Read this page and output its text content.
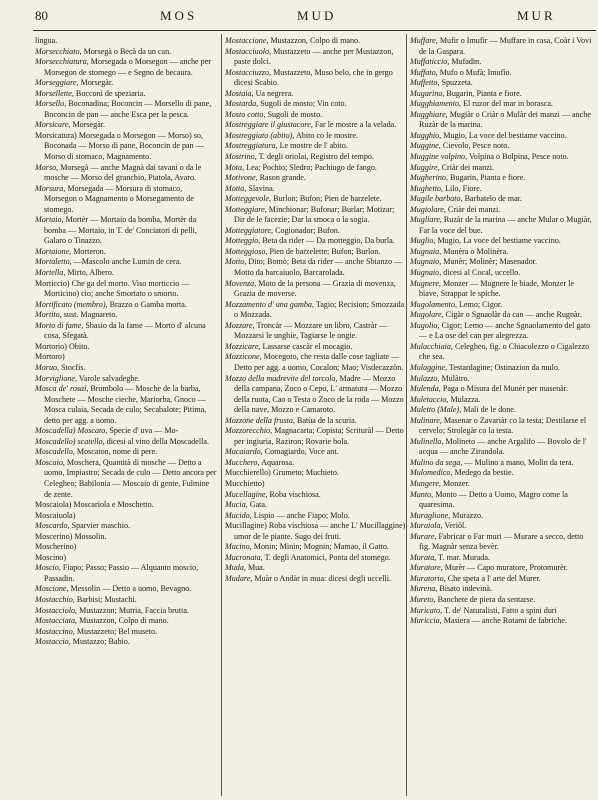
80	MOS	MUD	MUR
lingua.
Morsecchiato, Morsegà o Becà da un can.
Morsecchiatura, Morsegada o Morsegon — anche per Morsegon de stomego — e Segno de becaura.
Morseggiare, Morsegàr.
Morsellette, Bocconi de speziaria.
Morsello, Boconadina; Boconcin — Morsello di pane, Boconcin de pan — anche Esca per la pesca.
Morsicare, Morsegàr.
Morsicatura) Morsegada o Morsegon — Morso) so, Boconada — Morso di pane, Boconcin de pan — Morso di stomaco, Magnamento.
Morso, Morsegà — anche Magnà dai tavani o da le mosche — Morso del granchio, Piatola, Avaro.
Morsura, Morsegada — Morsura di stomaco, Morsegon o Magnamento o Morsegamento de stomego.
Mortaio, Mortèr — Mortaio da bomba, Mortèr da bomba — Mortaio, in T. de' Conciatori di pelli, Galaro o Tinazzo.
Mortaione, Morteron.
Mortaletto, —Mascolo anche Lumin de cera.
Mortella, Mirto, Albero.
Morticcio) Che ga del morto. Viso morticcio — Morticino) cio; anche Smortato o smorto.
Mortificato (membro), Brazzo o Gamba morta.
Mortito, sust. Magnareto.
Morto di fame, Sbasio da la fame — Morto d' alcuna cosa, Sfegatà.
Mortorio) Obito.
Mortoro)
Moruo, Stocfis.
Morviglione, Varole salvadeghe.
Mosca de' rosai, Brombolo — Mosche de la barba, Moschete — Mosche cieche, Mariorba, Gnoco — Mosca culaia, Secada de culo; Secabalote; Pitima, detto per agg. a uomo.
Moscadella) Moscato, Specie d' uva — Mo-
Moscadello) scatello, dicesi al vino della Moscadella.
Moscadello, Moscaton, nome di pere.
Moscaio, Moschera, Quantità di mosche — Detto a uomo, Impiastro; Secada de culo — Detto ancora per Celegheo; Babilonia — Moscaio di gente, Fulmine de zente.
Moscaiola) Moscariola e Moschetto.
Moscaiuola)
Moscardo, Sparvier maschio.
Moscerino) Mossolin.
Moscherino)
Moscino)
Moscio, Fiapo; Passo; Passio — Alquanto moscio, Passadin.
Moscione, Messolin — Detto a uomo, Bevagno.
Mostacchio, Barbisi; Mustachi.
Mostacciolo, Mustazzon; Mutria, Faccia brutta.
Mostacciata, Mustazzon, Colpo di mano.
Mostaccino, Mustazzeto; Bel museto.
Mostaccio, Mustazzo; Babio.
Mostaccione, Mustazzon, Colpo di mano.
Mostacciuolo, Mustazzeto — anche per Mustazzon, paste dolci.
Mostacciuzzo, Mustazzeto, Muso belo, che in gergo dicesi Scabio.
Mostaia, Ua negrera.
Mostarda, Sugoli de mosto; Vin coto.
Mosto cotto, Sugoli de mosto.
Mostreggiare il giustacore, Far le mostre a la velada.
Mostreggiato (abito), Abito co le mostre.
Mostreggiatura, Le mostre de l' abito.
Mostrino, T. degli oriolai, Registro del tempo.
Mota, Lea; Pochio; Sledro; Pachiugo de fango.
Motivone, Rason grande.
Motta, Slavina.
Motteggevole, Burlon; Bufon; Pien de barzelete.
Motteggiare, Minchionar; Bufonar; Burlar; Motizar; Dir de le facezie; Dar la smoca o la sogia.
Motteggiatore, Cogionador; Bufon.
Motteggio, Beta da rider — Da motteggio, Da burla.
Motteggioso, Pien de barzelette; Bufon; Burlon.
Motto, Dito; Bomò; Beta da rider — anche Sbianzo — Motto da barcaiuolo, Barcarolada.
Movenza, Moto de la persona — Grazia di movenza, Grazia de moverse.
Mozzamento d' una gamba, Tagio; Recision; Smozzada o Mozzada.
Mozzare, Troncàr — Mozzare un libro, Castràr — Mozzarsi le unghie, Tagiarse le ongie.
Mozzicare, Lassarse cascàr el mocagio.
Mozzicone, Mocegoto, che resta dalle cose tagliate — Detto per agg. a uomo, Cocalon; Mao; Visdecazzòn.
Mozzo della madrevite del torcolo, Madre — Mozzo della campana, Zoco o Cepo, L' armatura — Mozzo della ruota, Cao o Testa o Zoco de la roda — Mozzo della nave, Mozzo e Camaroto.
Mozzone della frusta, Batùa de la scuria.
Mozzorecchio, Magnacarta; Copista; Scrituràl — Detto per ingiuria, Raziron; Rovarie bola.
Mucaiardo, Comagiardo, Voce ant.
Mucchero, Aquarosa.
Mucchierello) Grumeto; Muchieto.
Mucchietto)
Mucellagine, Roba vischiosa.
Mucia, Gata.
Mucido, Lispio — anche Fiapo; Molo.
Mucillagine) Roba vischiosa — anche L' Mucillaggine) umor de le piante. Sugo dei fruti.
Mucino, Monin; Minin; Mognin; Mamao, il Gatto.
Mucronata, T. degli Anatomici, Ponta del stomego.
Muda, Mua.
Mudare, Muàr o Andàr in mua: dicesi degli uccelli.
Muffare, Mufir o Imufir — Muffare in casa, Coàr i Vovi de la Gaspara.
Muffaticcio, Mufadin.
Muffato, Mufo o Mufà; Imufìo.
Muffetto, Spuzzeta.
Mugarino, Bugarin, Pianta e fiore.
Mugghiamento, El ruzor del mar in borasca.
Mugghiare, Mugiàr o Criàr o Mulàr dei manzi — anche Ruzàr de la marina.
Mugghio, Mugio, La voce del bestiame vaccino.
Muggine, Cievolo, Pesce noto.
Muggine volpino, Volpina o Bolpina, Pesce noto.
Muggire, Criàr dei manzi.
Mugherino, Bugarin, Pianta e fiore.
Mughetto, Lilo, Fiore.
Mugile barbato, Barbatelo de mar.
Mugiolare, Criàr dei manzi.
Mugliare, Ruzàr de la marina — anche Mular o Mugiàr, Far la voce del bue.
Muglio, Mugio, La voce del bestiame vaccino.
Mugnaia, Munèra o Molinèra.
Mugnaio, Munèr; Molinèr; Masenador.
Mugnaio, dicesi al Cocal, uccello.
Mugnere, Monzer — Mugnere le biade, Monzer le biave, Strappar le spiche.
Mugolamento, Lemo; Cigor.
Mugolare, Cigàr o Sgnaolàr da can — anche Rugnàr.
Mugolio, Cigor; Lemo — anche Sgnaolamento del gato — e La ose del can per alegrezza.
Mulacchiaia, Celegheo, fig. o Chiacolezzo o Cigalezzo che sea.
Mulaggine, Testardagine; Ostinazion da mulo.
Mulazzo, Mulàtro.
Mulenda, Paga o Misura del Munèr per masenàr.
Muletaccio, Mulazza.
Muletto (Male), Mali de le done.
Mulinare, Masenar o Zavariàr co la testa; Destilarse el cervelo; Strolegàr co la testa.
Mulinello, Molineto — anche Argalifo — Bovolo de l' acqua — anche Zirandola.
Mulino da sega, — Mulino a mano, Molin da tera.
Mulomedico, Medego da bestie.
Mungere, Monzer.
Munto, Monto — Detto a Uomo, Magro come la quaresima.
Muraglione, Murazzo.
Muraiola, Veriòl.
Murare, Fabricar o Far muri — Murare a secco, detto fig. Magnàr senza bevèr.
Murata, T. mar. Murada.
Muratore, Murèr — Capo muratore, Protomurèr.
Muratorio, Che speta a l' arte del Murer.
Murena, Bisato indevinà.
Mureto, Banchete de piera da sentarse.
Muricato, T. de' Naturalisti, Fatto a spini duri
Muriccia, Masiera — anche Rotami de fabriche.
